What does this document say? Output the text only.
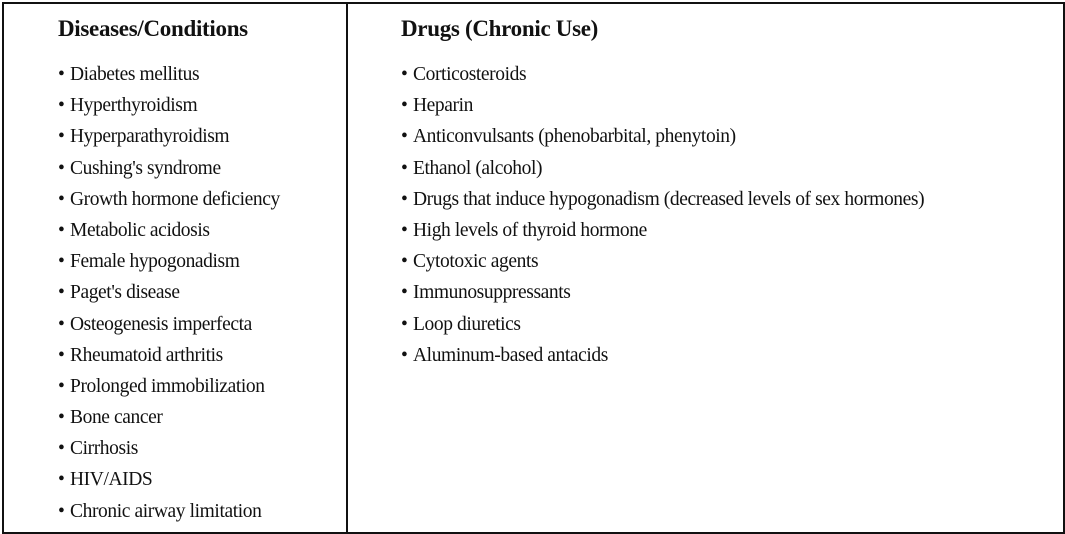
Diseases/Conditions
• Diabetes mellitus
• Hyperthyroidism
• Hyperparathyroidism
• Cushing's syndrome
• Growth hormone deficiency
• Metabolic acidosis
• Female hypogonadism
• Paget's disease
• Osteogenesis imperfecta
• Rheumatoid arthritis
• Prolonged immobilization
• Bone cancer
• Cirrhosis
• HIV/AIDS
• Chronic airway limitation
Drugs (Chronic Use)
• Corticosteroids
• Heparin
• Anticonvulsants (phenobarbital, phenytoin)
• Ethanol (alcohol)
• Drugs that induce hypogonadism (decreased levels of sex hormones)
• High levels of thyroid hormone
• Cytotoxic agents
• Immunosuppressants
• Loop diuretics
• Aluminum-based antacids
